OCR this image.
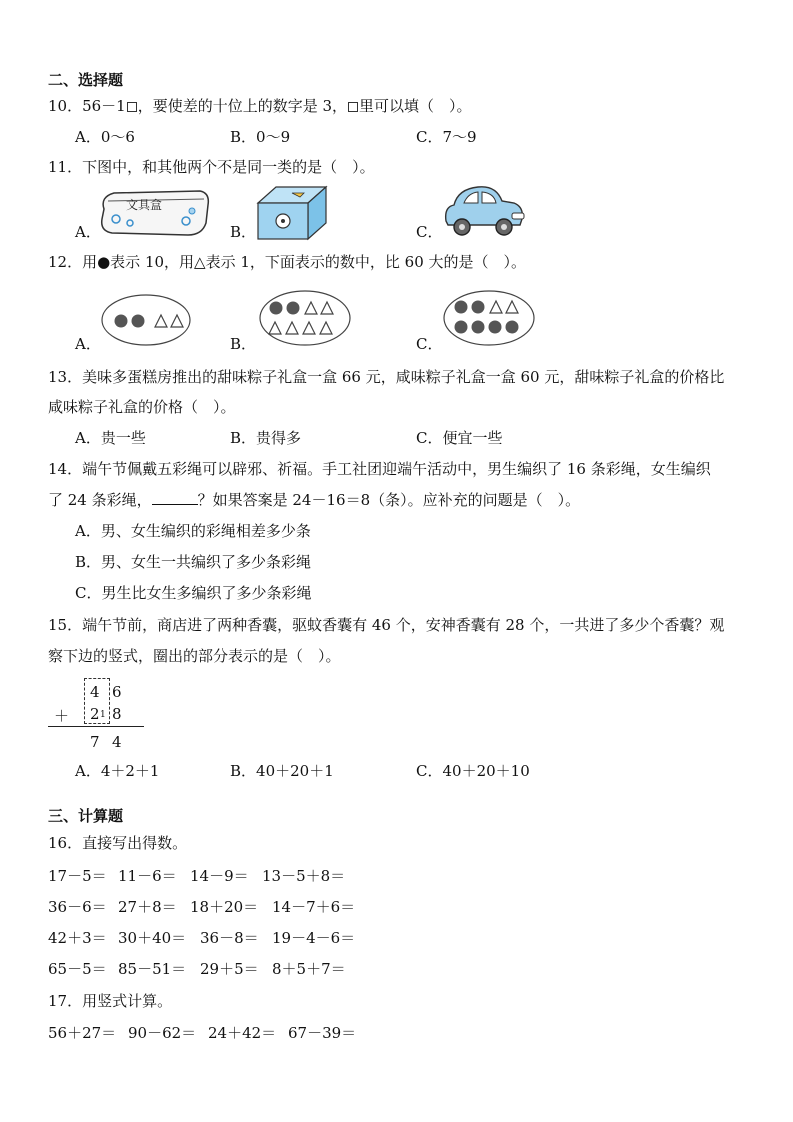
二、选择题
10．56－1 ，要使差的十位上的数字是 3， 里可以填（　）。
A．0～6	B．0～9	C．7～9
11．下图中，和其他两个不是同一类的是（　）。
A．
文具盒
B．	C．
12．用●表示 10，用△表示 1，下面表示的数中，比 60 大的是（　）。
A．	B．	C．
13．美味多蛋糕房推出的甜味粽子礼盒一盒 66 元，咸味粽子礼盒一盒 60 元，甜味粽子礼盒的价格比
咸味粽子礼盒的价格（　）。
A．贵一些	B．贵得多	C．便宜一些
14．端午节佩戴五彩绳可以辟邪、祈福。手工社团迎端午活动中，男生编织了 16 条彩绳，女生编织
了 24 条彩绳，	？如果答案是 24－16＝8（条）。应补充的问题是（　）。
A．男、女生编织的彩绳相差多少条
B．男、女生一共编织了多少条彩绳
C．男生比女生多编织了多少条彩绳
15．端午节前，商店进了两种香囊，驱蚊香囊有 46 个，安神香囊有 28 个，一共进了多少个香囊？观
察下边的竖式，圈出的部分表示的是（　）。
4 6
＋ 2 1 8
7 4
A．4＋2＋1	B．40＋20＋1	C．40＋20＋10
三、计算题
16．直接写出得数。
17－5＝ 11－6＝ 14－9＝ 13－5＋8＝
36－6＝ 27＋8＝ 18＋20＝ 14－7＋6＝
42＋3＝ 30＋40＝ 36－8＝ 19－4－6＝
65－5＝ 85－51＝ 29＋5＝ 8＋5＋7＝
17．用竖式计算。
56＋27＝ 90－62＝ 24＋42＝ 67－39＝
